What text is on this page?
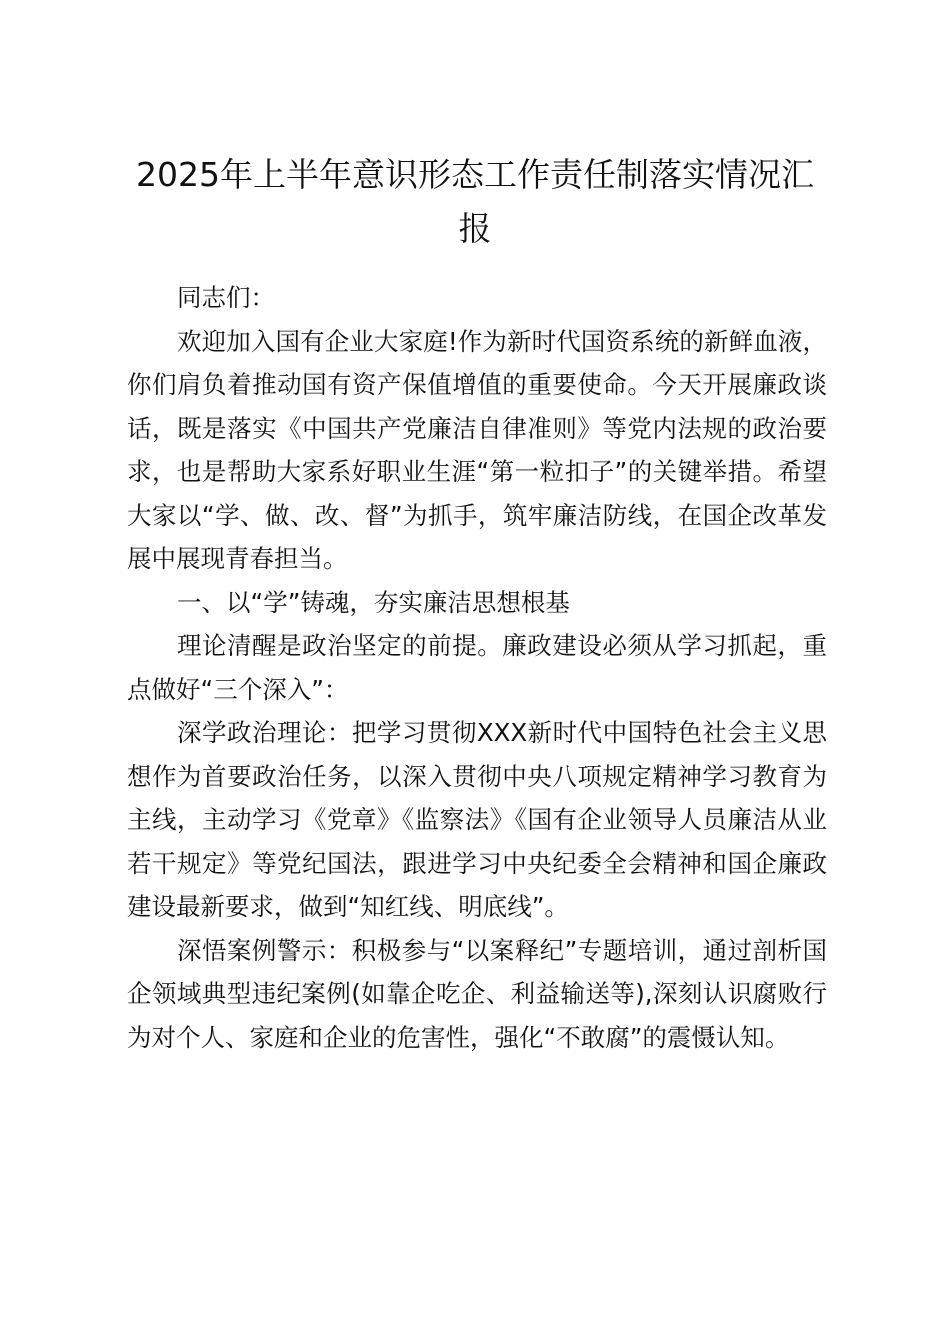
2025年上半年意识形态工作责任制落实情况汇报

同志们：

欢迎加入国有企业大家庭!作为新时代国资系统的新鲜血液，你们肩负着推动国有资产保值增值的重要使命。今天开展廉政谈话，既是落实《中国共产党廉洁自律准则》等党内法规的政治要求，也是帮助大家系好职业生涯“第一粒扣子”的关键举措。希望大家以“学、做、改、督”为抓手，筑牢廉洁防线，在国企改革发展中展现青春担当。

一、以“学”铸魂，夯实廉洁思想根基

理论清醒是政治坚定的前提。廉政建设必须从学习抓起，重点做好“三个深入”：

深学政治理论：把学习贯彻XXX新时代中国特色社会主义思想作为首要政治任务，以深入贯彻中央八项规定精神学习教育为主线，主动学习《党章》《监察法》《国有企业领导人员廉洁从业若干规定》等党纪国法，跟进学习中央纪委全会精神和国企廉政建设最新要求，做到“知红线、明底线”。

深悟案例警示：积极参与“以案释纪”专题培训，通过剖析国企领域典型违纪案例(如靠企吃企、利益输送等),深刻认识腐败行为对个人、家庭和企业的危害性，强化“不敢腐”的震慑认知。
